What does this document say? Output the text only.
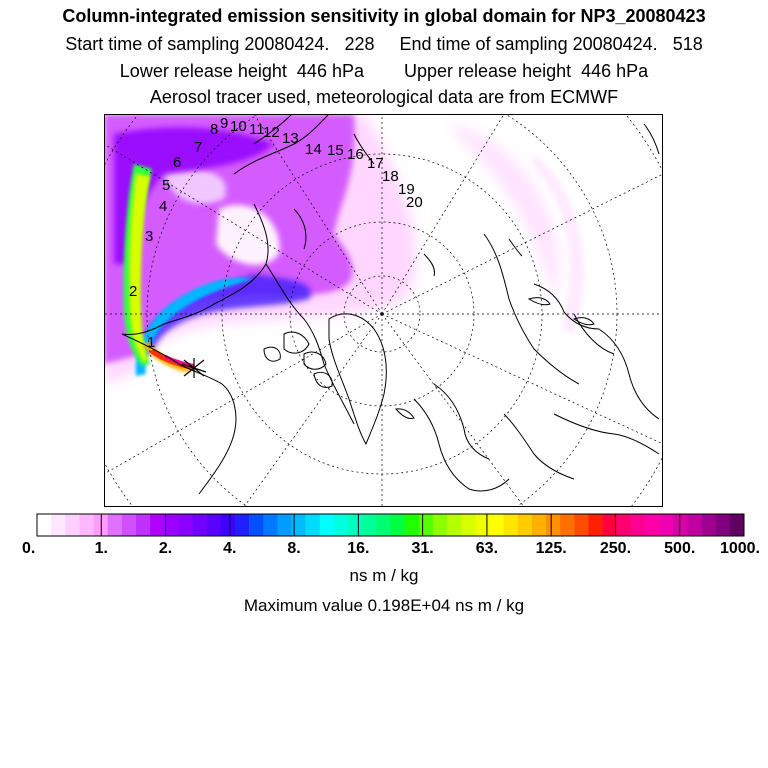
Column-integrated emission sensitivity in global domain for NP3_20080423
Start time of sampling 20080424. 228 End time of sampling 20080424. 518
Lower release height 446 hPa Upper release height 446 hPa
Aerosol tracer used, meteorological data are from ECMWF
1
2
3
4
5
6
7
8 9 10 11
12 13
14 15 16
17
18
19
20
0.	1.	2.	4.	8.	16.	31.	63. 125. 250. 500. 1000.
ns m / kg
Maximum value 0.198E+04 ns m / kg
